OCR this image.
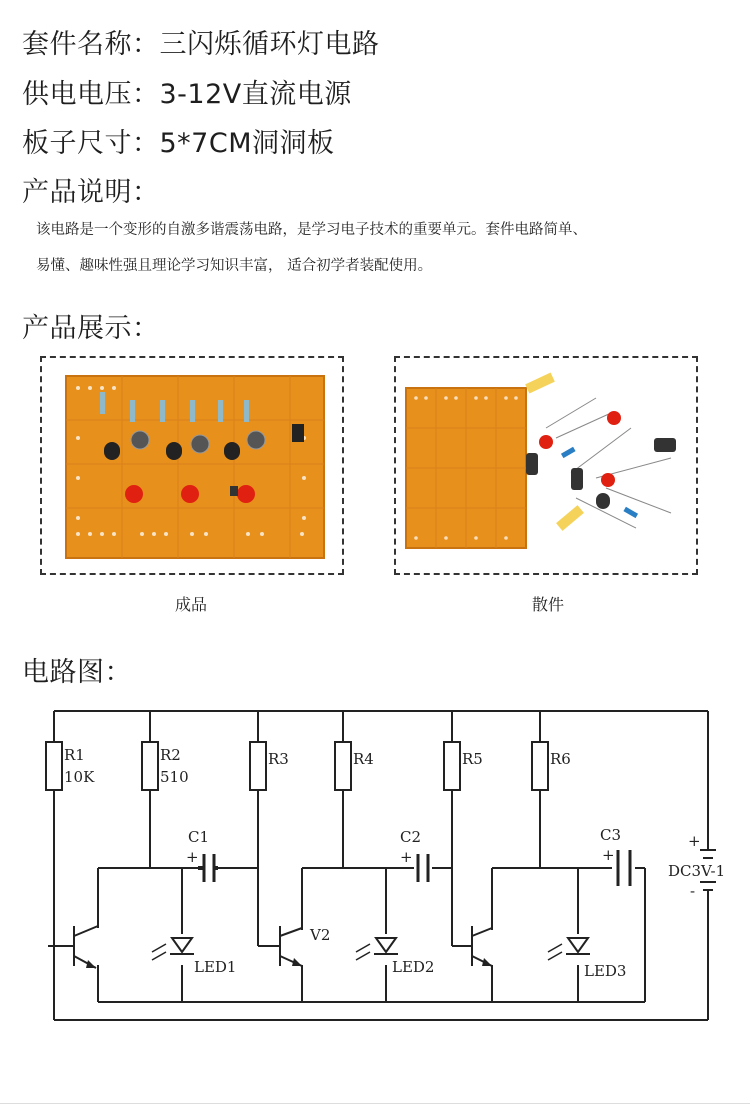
套件名称：三闪烁循环灯电路
供电电压：3-12V直流电源
板子尺寸：5*7CM洞洞板
产品说明：
该电路是一个变形的自激多谐震荡电路，是学习电子技术的重要单元。套件电路简单、
易懂、趣味性强且理论学习知识丰富， 适合初学者装配使用。
产品展示：
成品	散件
电路图：
R1
10K
R2
510
R3	R4	R5	R6
C1	C2	C3
+	+	+
V2
LED1	LED2	LED3
+
DC3V-1
-
